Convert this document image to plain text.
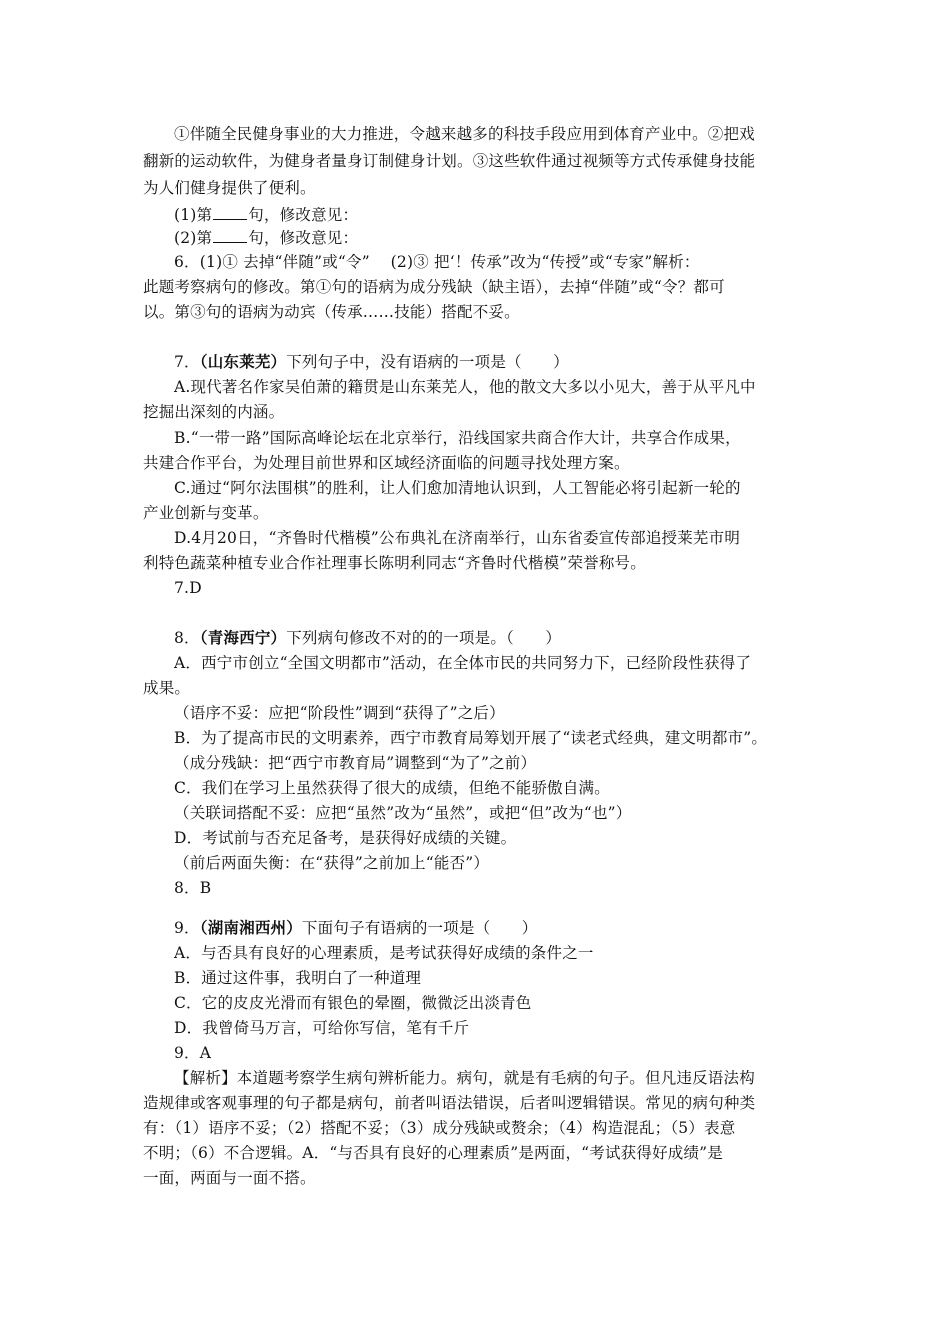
①伴随全民健身事业的大力推进，令越来越多的科技手段应用到体育产业中。②把戏
翻新的运动软件，为健身者量身订制健身计划。③这些软件通过视频等方式传承健身技能
为人们健身提供了便利。
(1)第 句，修改意见：
(2)第 句，修改意见：
6．(1)① 去掉“伴随”或“令”　 (2)③ 把‘！传承”改为“传授”或“专家”解析：
此题考察病句的修改。第①句的语病为成分残缺（缺主语），去掉“伴随”或“令？都可
以。第③句的语病为动宾（传承……技能）搭配不妥。
7．（山东莱芜）下列句子中，没有语病的一项是（　　）
A.现代著名作家吴伯萧的籍贯是山东莱芜人，他的散文大多以小见大，善于从平凡中
挖掘出深刻的内涵。
B.“一带一路”国际高峰论坛在北京举行，沿线国家共商合作大计，共享合作成果，
共建合作平台，为处理目前世界和区域经济面临的问题寻找处理方案。
C.通过“阿尔法围棋”的胜利，让人们愈加清地认识到，人工智能必将引起新一轮的
产业创新与变革。
D.4月20日，“齐鲁时代楷模”公布典礼在济南举行，山东省委宣传部追授莱芜市明
利特色蔬菜种植专业合作社理事长陈明利同志“齐鲁时代楷模”荣誉称号。
7.D
8．（青海西宁）下列病句修改不对的的一项是。（　　）
A．西宁市创立“全国文明都市”活动，在全体市民的共同努力下，已经阶段性获得了
成果。
（语序不妥：应把“阶段性”调到“获得了”之后）
B．为了提高市民的文明素养，西宁市教育局筹划开展了“读老式经典，建文明都市”。
（成分残缺：把“西宁市教育局”调整到“为了”之前）
C．我们在学习上虽然获得了很大的成绩，但绝不能骄傲自满。
（关联词搭配不妥：应把“虽然”改为“虽然”，或把“但”改为“也”）
D．考试前与否充足备考，是获得好成绩的关键。
（前后两面失衡：在“获得”之前加上“能否”）
8．B
9．（湖南湘西州）下面句子有语病的一项是（　　）
A．与否具有良好的心理素质，是考试获得好成绩的条件之一
B．通过这件事，我明白了一种道理
C．它的皮皮光滑而有银色的晕圈，微微泛出淡青色
D．我曾倚马万言，可给你写信，笔有千斤
9．A
【解析】本道题考察学生病句辨析能力。病句，就是有毛病的句子。但凡违反语法构
造规律或客观事理的句子都是病句，前者叫语法错误，后者叫逻辑错误。常见的病句种类
有：（1）语序不妥；（2）搭配不妥；（3）成分残缺或赘余；（4）构造混乱；（5）表意
不明；（6）不合逻辑。A．“与否具有良好的心理素质”是两面，“考试获得好成绩”是
一面，两面与一面不搭。
